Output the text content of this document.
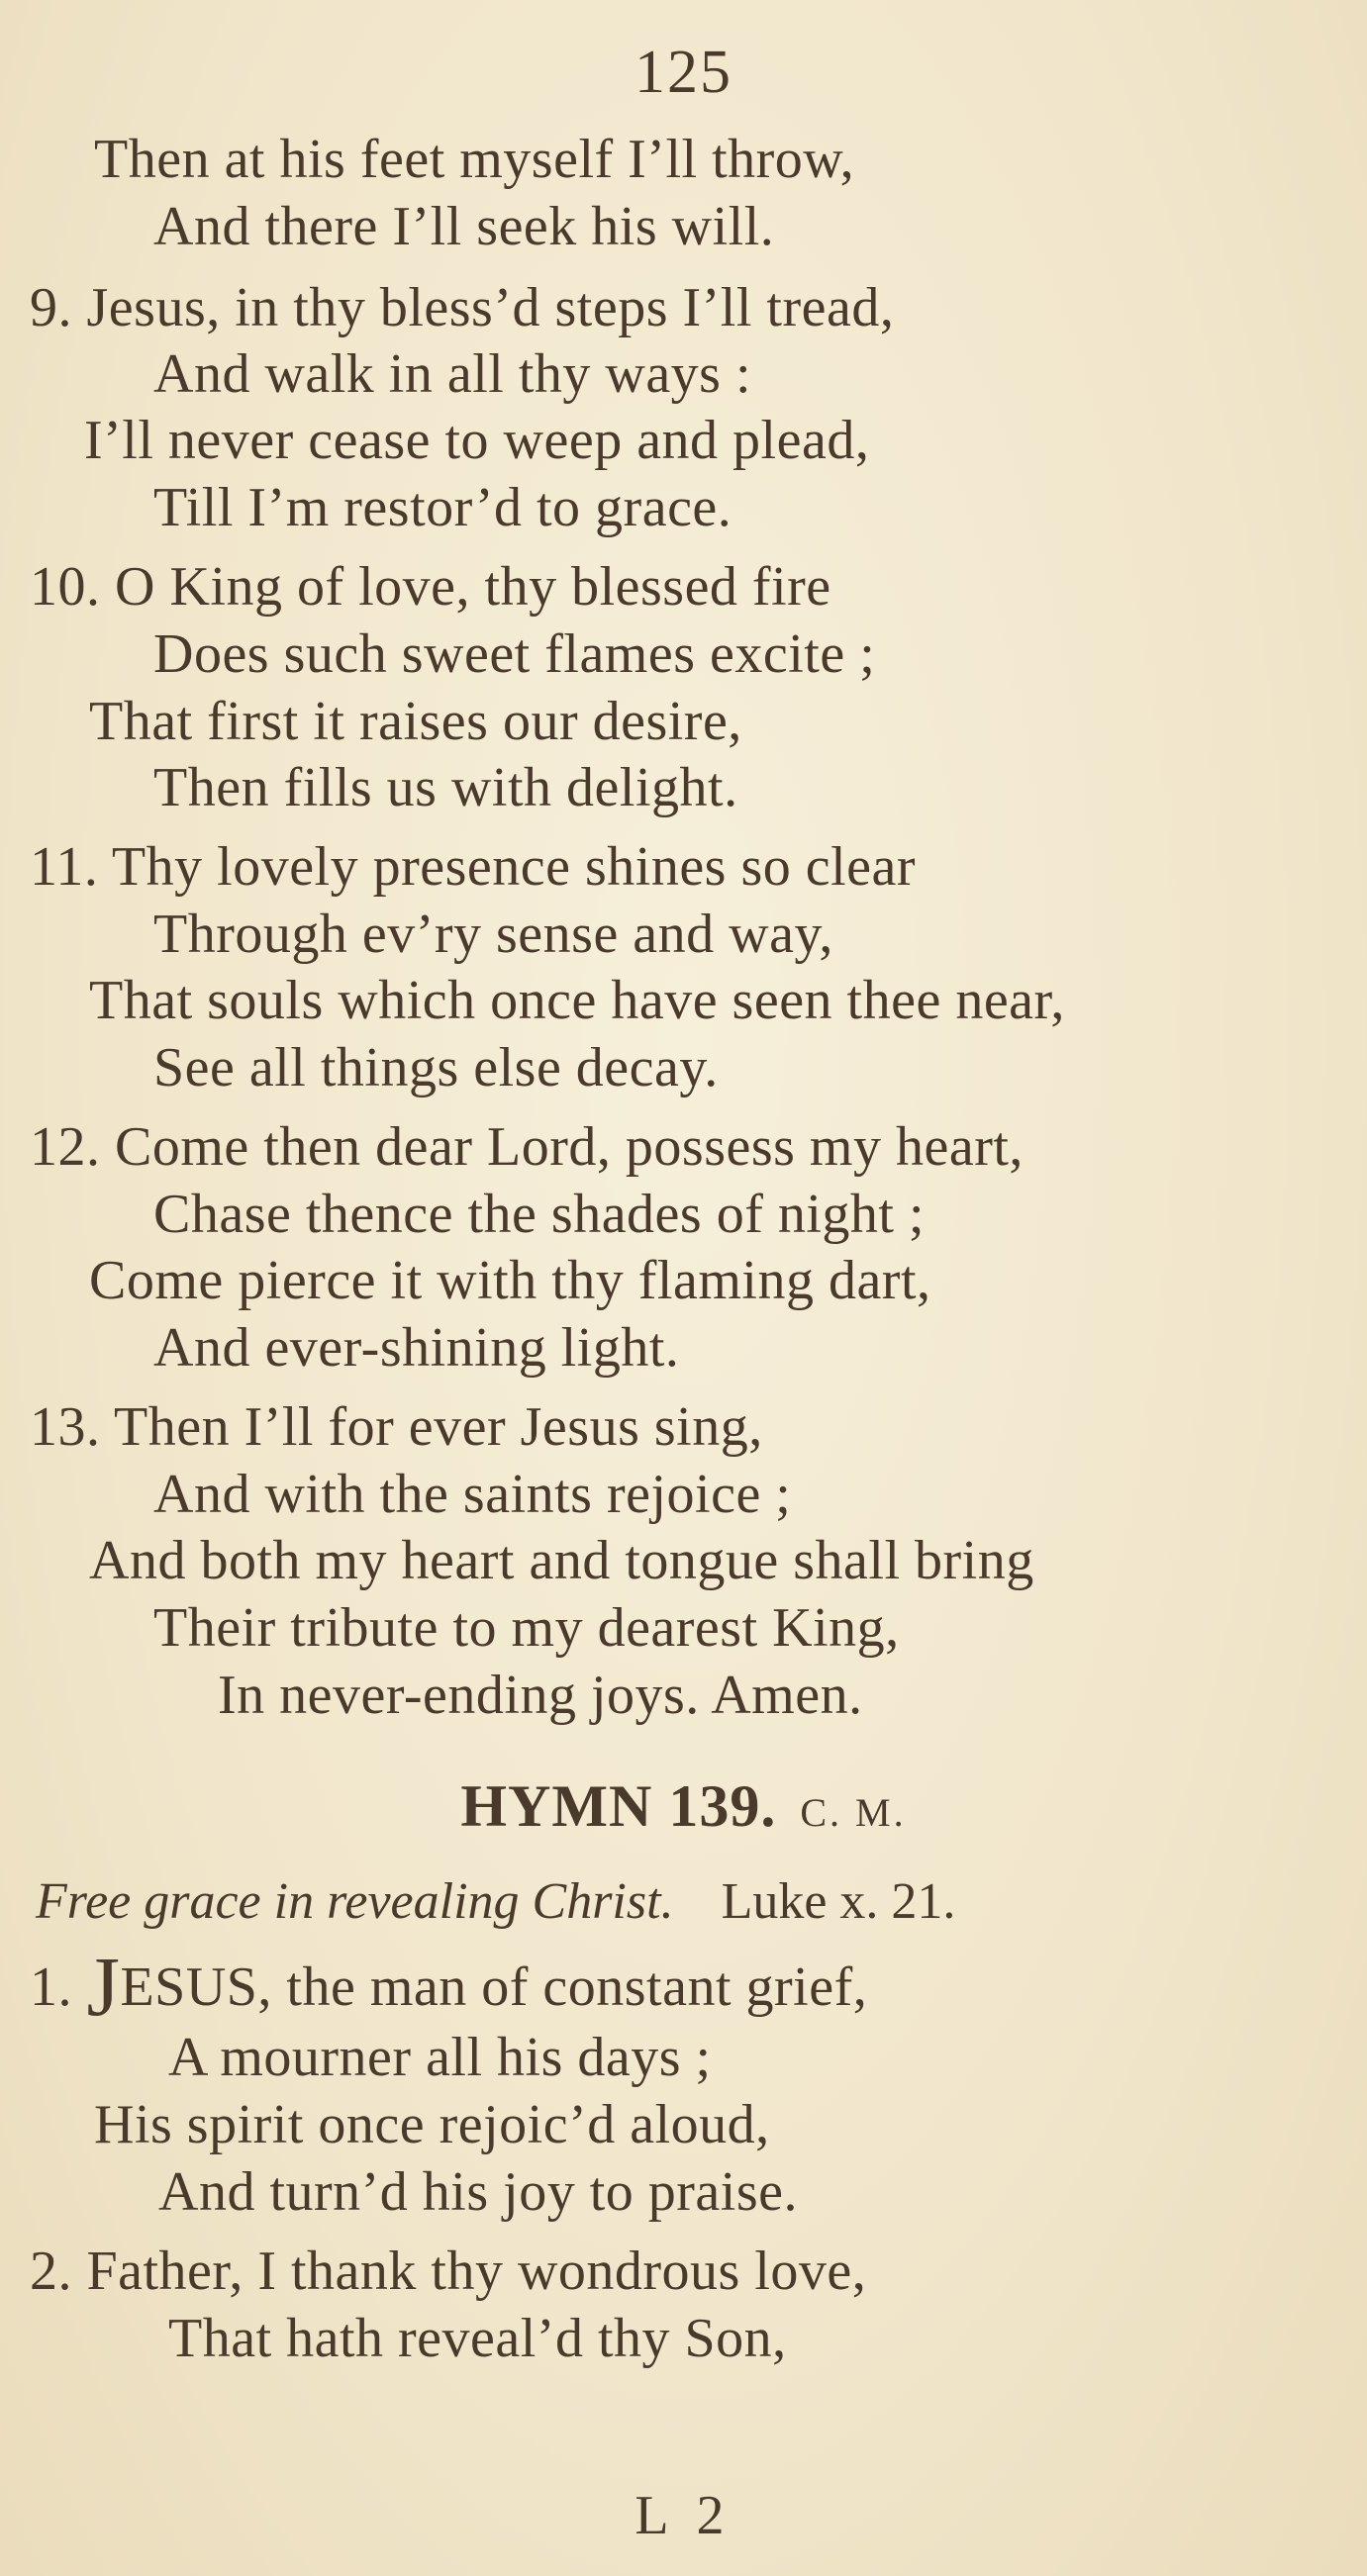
125
Then at his feet myself I’ll throw,
And there I’ll seek his will.
9. Jesus, in thy bless’d steps I’ll tread,
And walk in all thy ways :
I’ll never cease to weep and plead,
Till I’m restor’d to grace.
10. O King of love, thy blessed fire
Does such sweet flames excite ;
That first it raises our desire,
Then fills us with delight.
11. Thy lovely presence shines so clear
Through ev’ry sense and way,
That souls which once have seen thee near,
See all things else decay.
12. Come then dear Lord, possess my heart,
Chase thence the shades of night ;
Come pierce it with thy flaming dart,
And ever-shining light.
13. Then I’ll for ever Jesus sing,
And with the saints rejoice ;
And both my heart and tongue shall bring
Their tribute to my dearest King,
In never-ending joys. Amen.
HYMN 139. C. M.
Free grace in revealing Christ. Luke x. 21.
1. JESUS, the man of constant grief,
A mourner all his days ;
His spirit once rejoic’d aloud,
And turn’d his joy to praise.
2. Father, I thank thy wondrous love,
That hath reveal’d thy Son,
L 2
